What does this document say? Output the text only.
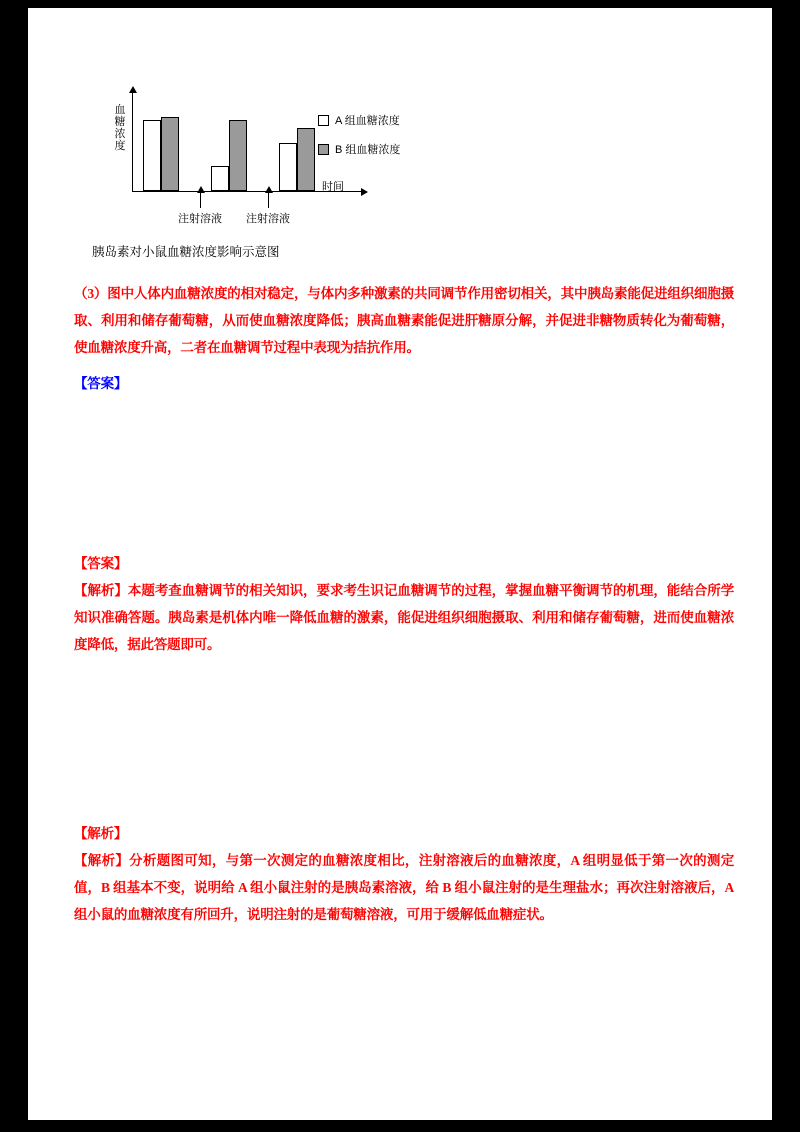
血糖浓度
时间
注射溶液 注射溶液
A 组血糖浓度
B 组血糖浓度
胰岛素对小鼠血糖浓度影响示意图
（3）图中人体内血糖浓度的相对稳定，与体内多种激素的共同调节作用密切相关，其中胰岛素能促进组织细胞摄取、利用和储存葡萄糖，从而使血糖浓度降低；胰高血糖素能促进肝糖原分解，并促进非糖物质转化为葡萄糖，使血糖浓度升高，二者在血糖调节过程中表现为拮抗作用。
【答案】
【答案】
【解析】本题考查血糖调节的相关知识，要求考生识记血糖调节的过程，掌握血糖平衡调节的机理，能结合所学知识准确答题。胰岛素是机体内唯一降低血糖的激素，能促进组织细胞摄取、利用和储存葡萄糖，进而使血糖浓度降低，据此答题即可。
【解析】
【解析】分析题图可知，与第一次测定的血糖浓度相比，注射溶液后的血糖浓度，A 组明显低于第一次的测定值，B 组基本不变，说明给 A 组小鼠注射的是胰岛素溶液，给 B 组小鼠注射的是生理盐水；再次注射溶液后，A 组小鼠的血糖浓度有所回升，说明注射的是葡萄糖溶液，可用于缓解低血糖症状。
